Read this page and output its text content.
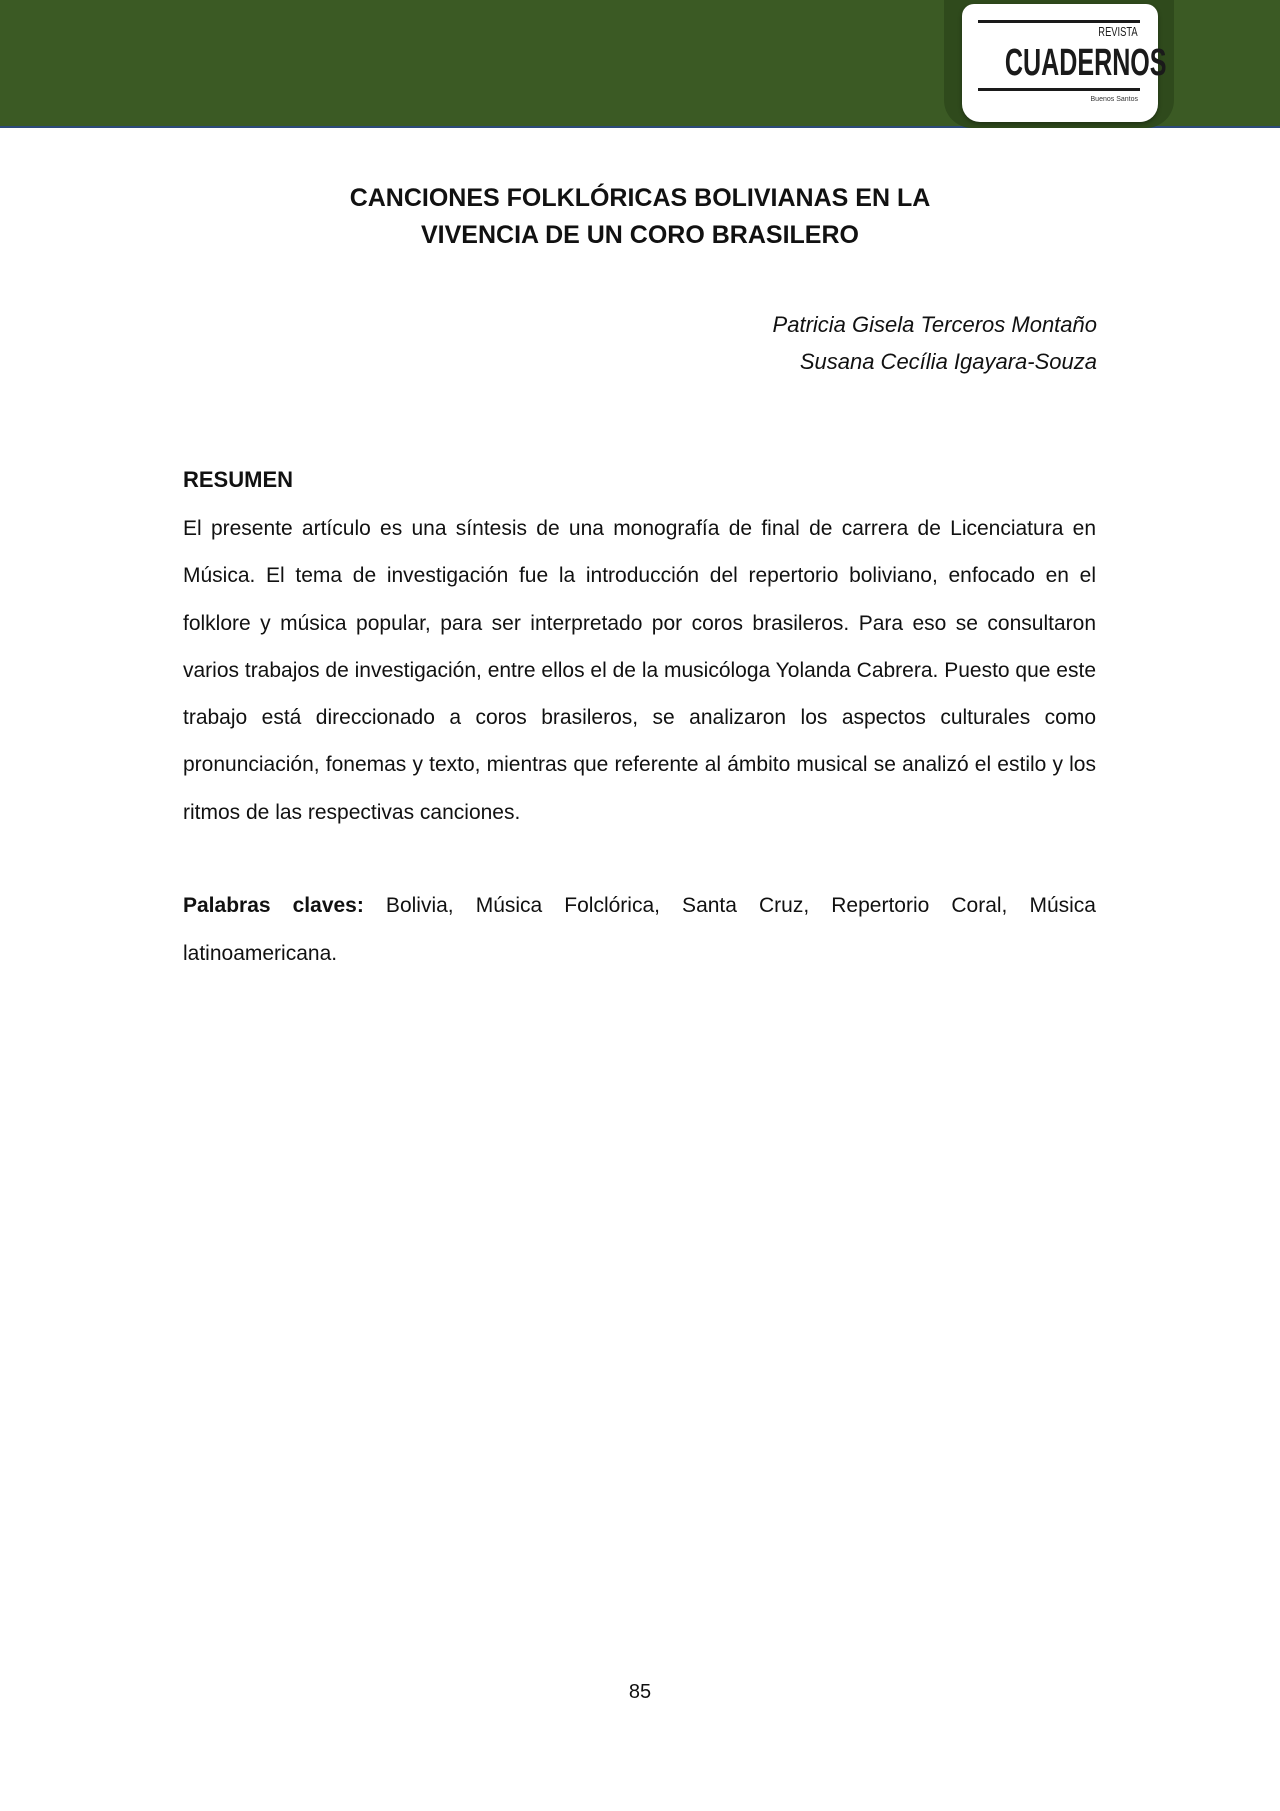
REVISTA
CUADERNOS
Buenos Santos
CANCIONES FOLKLÓRICAS BOLIVIANAS EN LA
VIVENCIA DE UN CORO BRASILERO
Patricia Gisela Terceros Montaño
Susana Cecília Igayara-Souza
RESUMEN

El presente artículo es una síntesis de una monografía de final de carrera de Licenciatura en Música. El tema de investigación fue la introducción del repertorio boliviano, enfocado en el folklore y música popular, para ser interpretado por coros brasileros. Para eso se consultaron varios trabajos de investigación, entre ellos el de la musicóloga Yolanda Cabrera. Puesto que este trabajo está direccionado a coros brasileros, se analizaron los aspectos culturales como pronunciación, fonemas y texto, mientras que referente al ámbito musical se analizó el estilo y los ritmos de las respectivas canciones.

Palabras claves: Bolivia, Música Folclórica, Santa Cruz, Repertorio Coral, Música latinoamericana.

85
